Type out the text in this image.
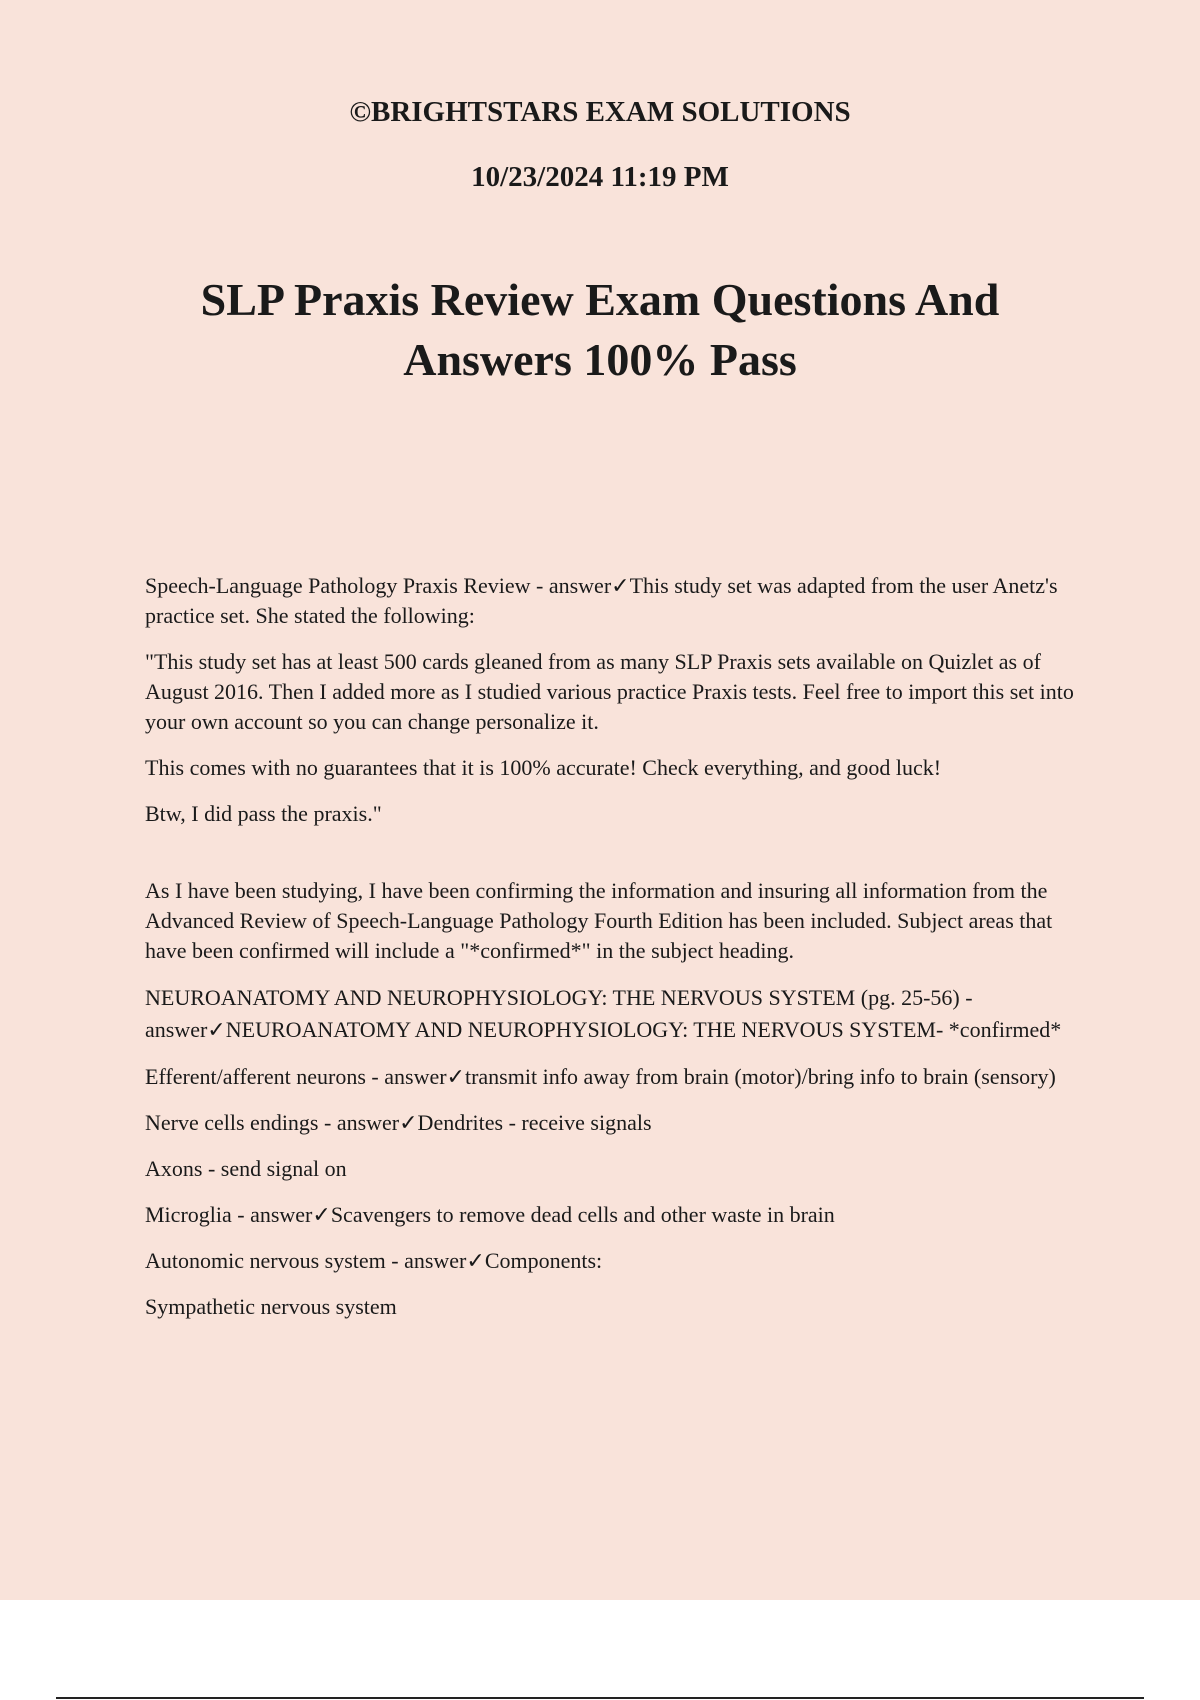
©BRIGHTSTARS EXAM SOLUTIONS

10/23/2024 11:19 PM

SLP Praxis Review Exam Questions And Answers 100% Pass

Speech-Language Pathology Praxis Review - answer✓This study set was adapted from the user Anetz's practice set. She stated the following:

"This study set has at least 500 cards gleaned from as many SLP Praxis sets available on Quizlet as of August 2016. Then I added more as I studied various practice Praxis tests. Feel free to import this set into your own account so you can change personalize it.

This comes with no guarantees that it is 100% accurate! Check everything, and good luck!

Btw, I did pass the praxis."

As I have been studying, I have been confirming the information and insuring all information from the Advanced Review of Speech-Language Pathology Fourth Edition has been included. Subject areas that have been confirmed will include a "*confirmed*" in the subject heading.

NEUROANATOMY AND NEUROPHYSIOLOGY: THE NERVOUS SYSTEM (pg. 25-56) - answer✓NEUROANATOMY AND NEUROPHYSIOLOGY: THE NERVOUS SYSTEM- *confirmed*

Efferent/afferent neurons - answer✓transmit info away from brain (motor)/bring info to brain (sensory)

Nerve cells endings - answer✓Dendrites - receive signals

Axons - send signal on

Microglia - answer✓Scavengers to remove dead cells and other waste in brain

Autonomic nervous system - answer✓Components:

Sympathetic nervous system
